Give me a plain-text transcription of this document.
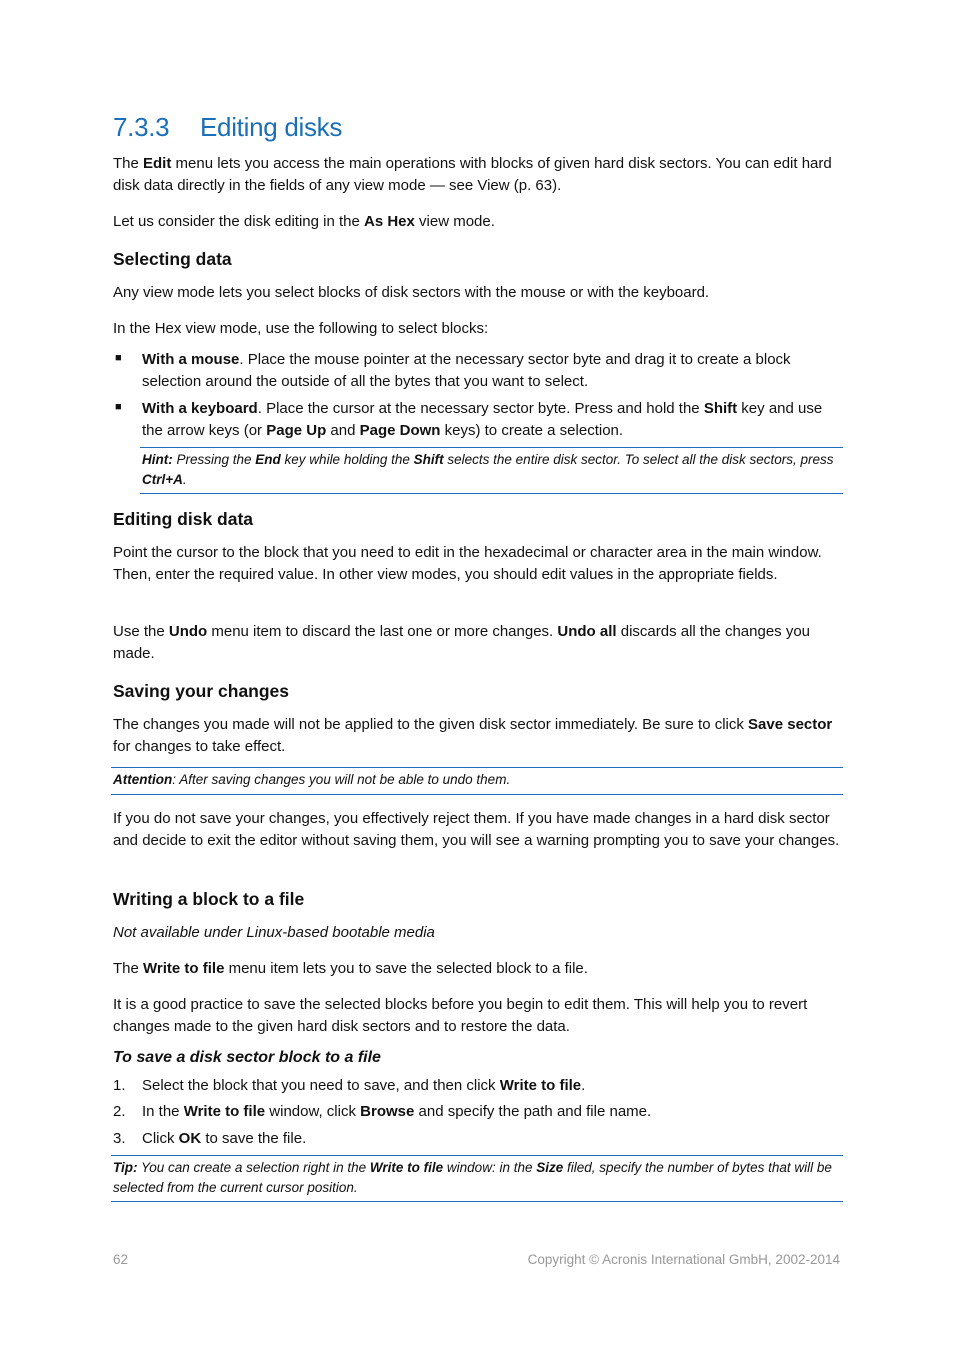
7.3.3 Editing disks
The Edit menu lets you access the main operations with blocks of given hard disk sectors. You can edit hard disk data directly in the fields of any view mode — see View (p. 63).
Let us consider the disk editing in the As Hex view mode.
Selecting data
Any view mode lets you select blocks of disk sectors with the mouse or with the keyboard.
In the Hex view mode, use the following to select blocks:
■ With a mouse. Place the mouse pointer at the necessary sector byte and drag it to create a block selection around the outside of all the bytes that you want to select.
■ With a keyboard. Place the cursor at the necessary sector byte. Press and hold the Shift key and use the arrow keys (or Page Up and Page Down keys) to create a selection.
Hint: Pressing the End key while holding the Shift selects the entire disk sector. To select all the disk sectors, press Ctrl+A.
Editing disk data
Point the cursor to the block that you need to edit in the hexadecimal or character area in the main window. Then, enter the required value. In other view modes, you should edit values in the appropriate fields.
Use the Undo menu item to discard the last one or more changes. Undo all discards all the changes you made.
Saving your changes
The changes you made will not be applied to the given disk sector immediately. Be sure to click Save sector for changes to take effect.
Attention: After saving changes you will not be able to undo them.
If you do not save your changes, you effectively reject them. If you have made changes in a hard disk sector and decide to exit the editor without saving them, you will see a warning prompting you to save your changes.
Writing a block to a file
Not available under Linux-based bootable media
The Write to file menu item lets you to save the selected block to a file.
It is a good practice to save the selected blocks before you begin to edit them. This will help you to revert changes made to the given hard disk sectors and to restore the data.
To save a disk sector block to a file
1. Select the block that you need to save, and then click Write to file.
2. In the Write to file window, click Browse and specify the path and file name.
3. Click OK to save the file.
Tip: You can create a selection right in the Write to file window: in the Size filed, specify the number of bytes that will be selected from the current cursor position.
62	Copyright © Acronis International GmbH, 2002-2014
